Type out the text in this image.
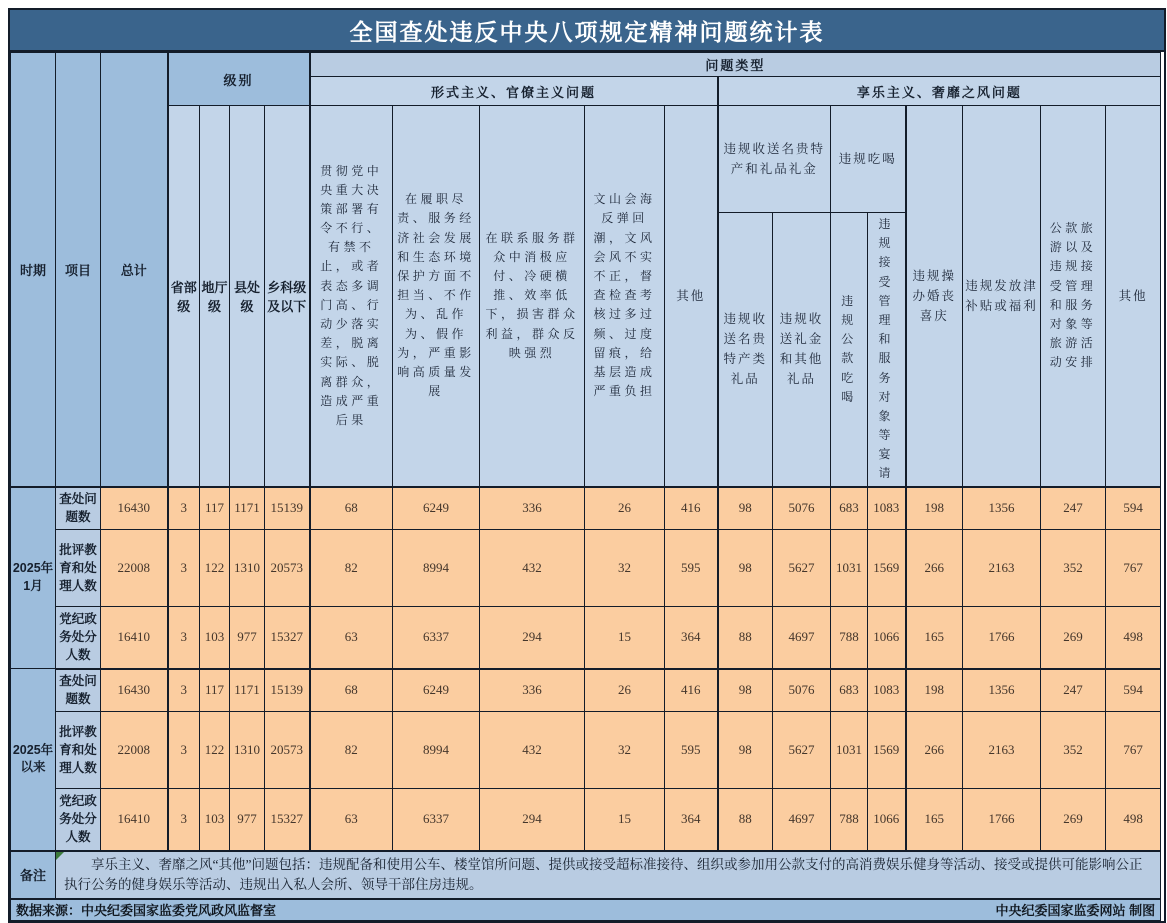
全国查处违反中央八项规定精神问题统计表
时期	项目	总计	级别				问题类型												
							形式主义、官僚主义问题					享乐主义、奢靡之风问题							
			省部级	地厅级	县处级	乡科级及以下	贯彻党中央重大决策部署有令不行、有禁不止，或者表态多调门高、行动少落实差，脱离实际、脱离群众，造成严重后果	在履职尽责、服务经济社会发展和生态环境保护方面不担当、不作为、乱作为、假作为，严重影响高质量发展	在联系服务群众中消极应付、冷硬横推、效率低下，损害群众利益，群众反映强烈	文山会海反弹回潮，文风会风不实不正，督查检查考核过多过频、过度留痕，给基层造成严重负担	其他	违规收送名贵特产和礼品礼金		违规吃喝		违规操办婚丧喜庆	违规发放津补贴或福利	公款旅游以及违规接受管理和服务对象等旅游活动安排	其他
												违规收送名贵特产类礼品	违规收送礼金和其他礼品	违规公款吃喝	违规接受管理和服务对象等宴请				
2025年1月	查处问题数	16430	3	117	1171	15139	68	6249	336	26	416	98	5076	683	1083	198	1356	247	594
	批评教育和处理人数	22008	3	122	1310	20573	82	8994	432	32	595	98	5627	1031	1569	266	2163	352	767
	党纪政务处分人数	16410	3	103	977	15327	63	6337	294	15	364	88	4697	788	1066	165	1766	269	498
2025年以来	查处问题数	16430	3	117	1171	15139	68	6249	336	26	416	98	5076	683	1083	198	1356	247	594
	批评教育和处理人数	22008	3	122	1310	20573	82	8994	432	32	595	98	5627	1031	1569	266	2163	352	767
	党纪政务处分人数	16410	3	103	977	15327	63	6337	294	15	364	88	4697	788	1066	165	1766	269	498
备注	享乐主义、奢靡之风“其他”问题包括：违规配备和使用公车、楼堂馆所问题、提供或接受超标准接待、组织或参加用公款支付的高消费娱乐健身等活动、接受或提供可能影响公正执行公务的健身娱乐等活动、违规出入私人会所、领导干部住房违规。																		

数据来源：中央纪委国家监委党风政风监督室 中央纪委国家监委网站 制图																			
